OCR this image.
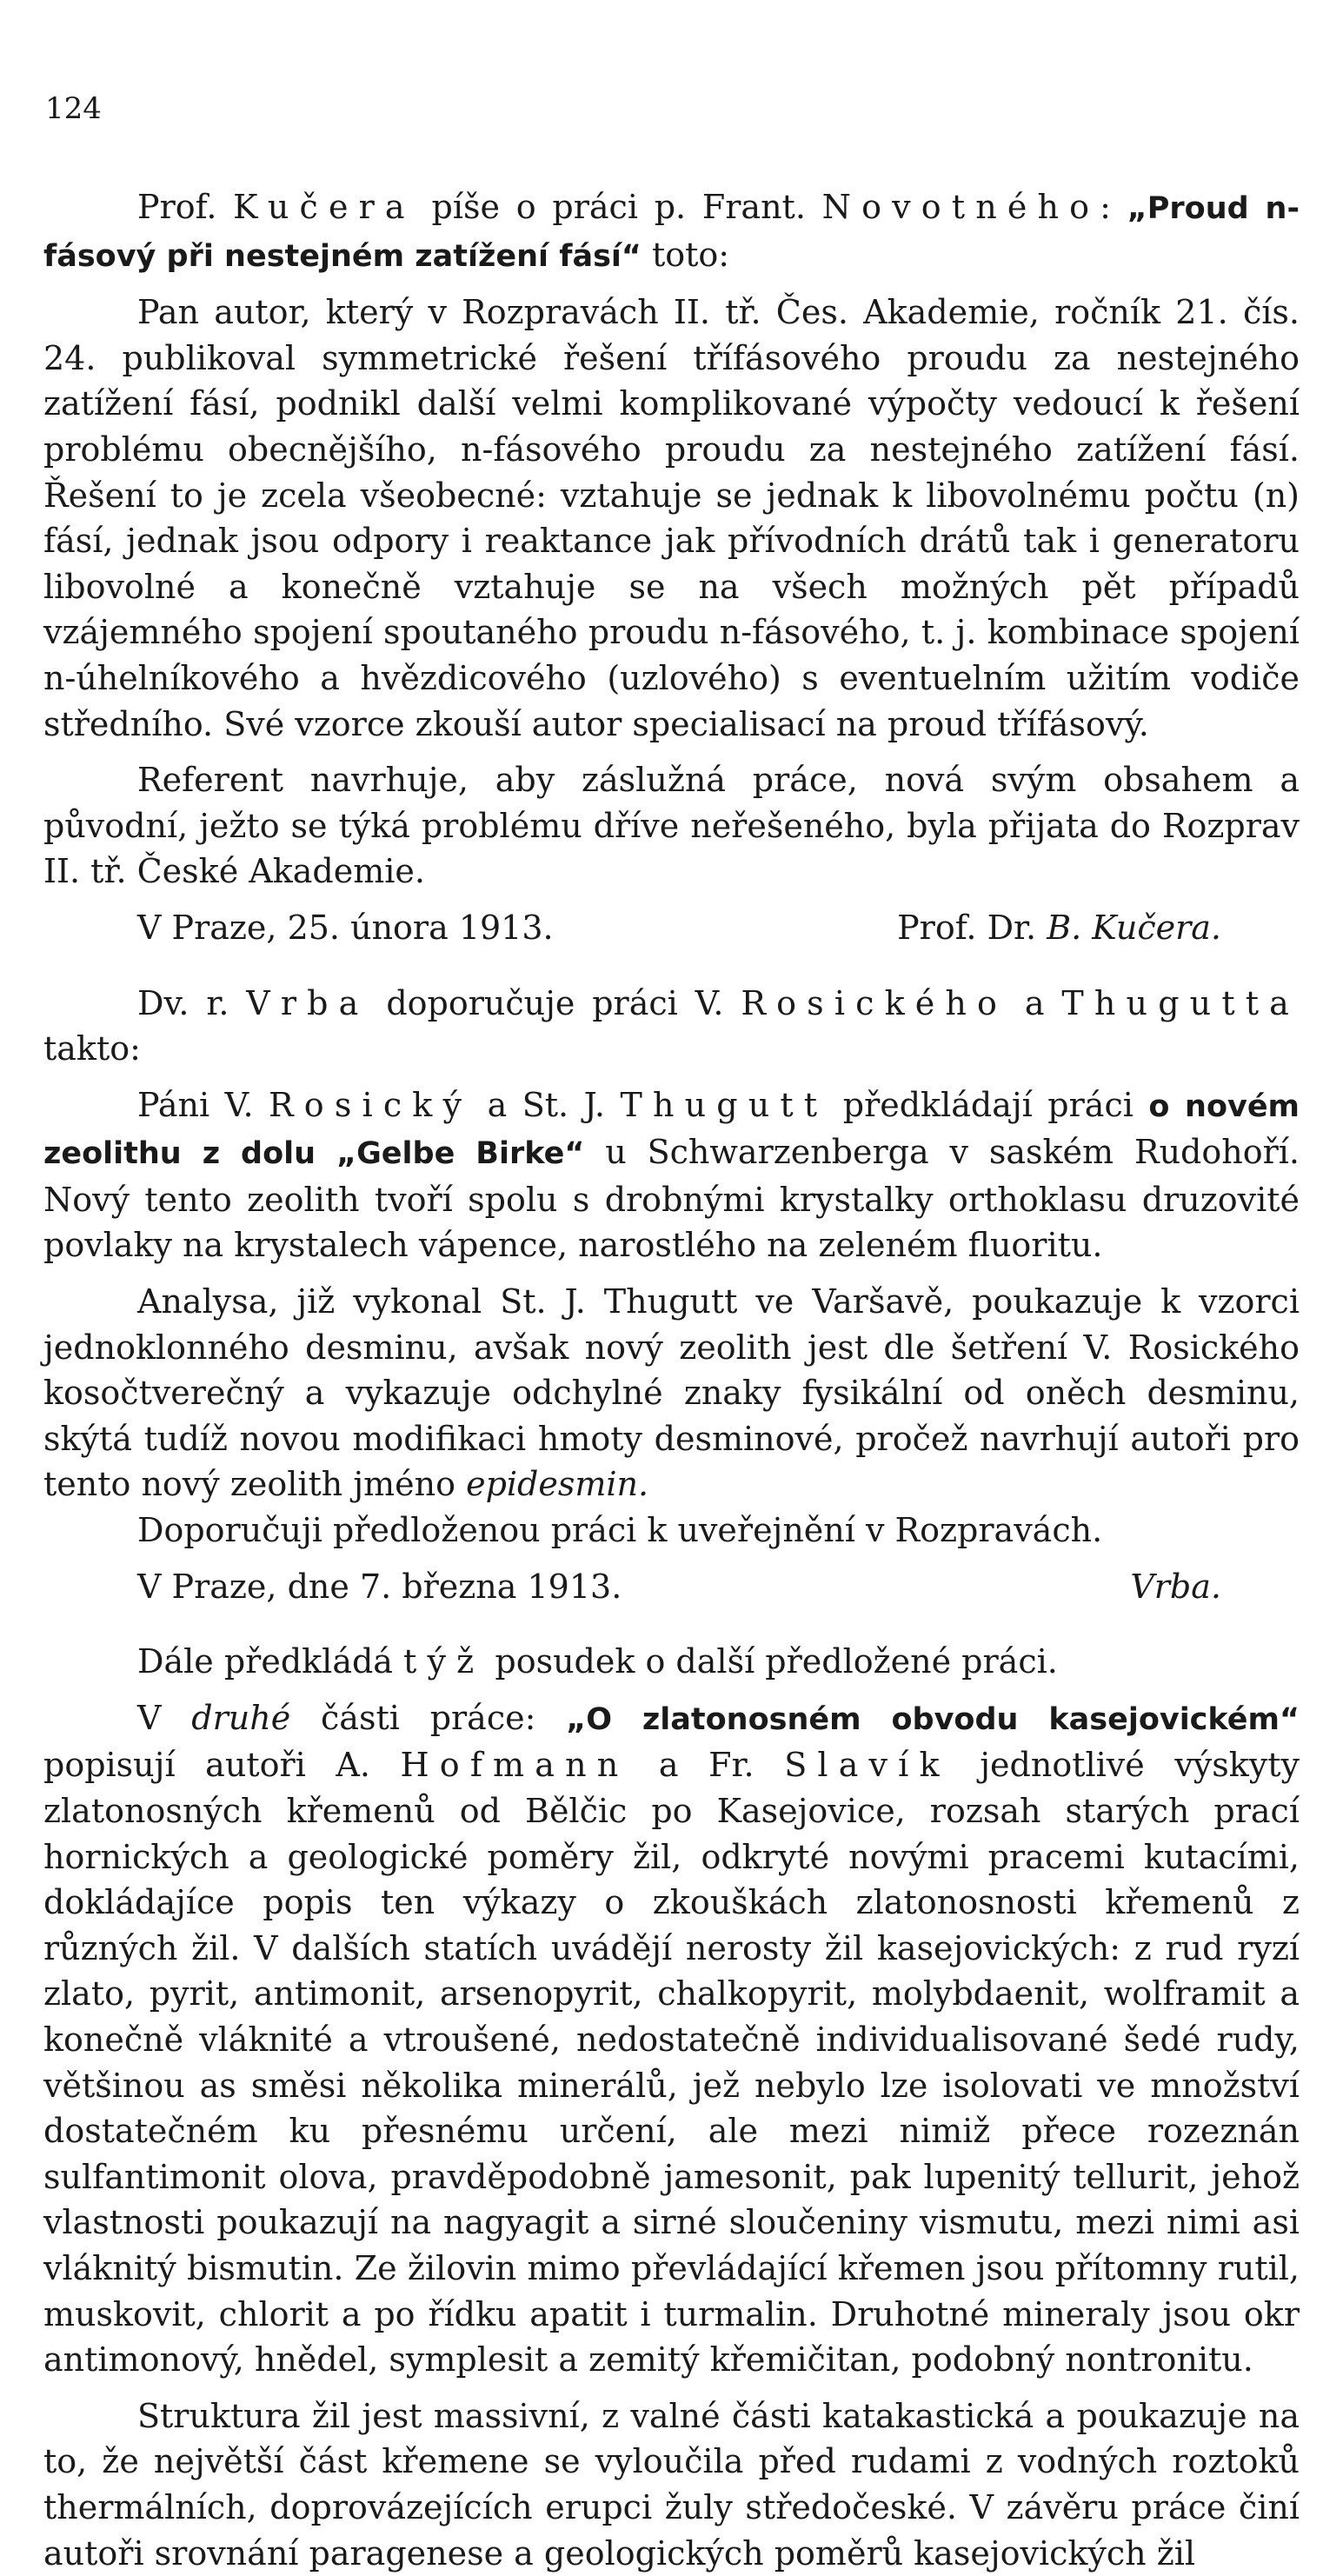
124

Prof. Kučera píše o práci p. Frant. Novotného: „Proud n-fásový při nestejném zatížení fásí“ toto:

Pan autor, který v Rozpravách II. tř. Čes. Akademie, ročník 21. čís. 24. publikoval symmetrické řešení třífásového proudu za nestejného zatížení fásí, podnikl další velmi komplikované výpočty vedoucí k řešení problému obecnějšího, n-fásového proudu za nestejného zatížení fásí. Řešení to je zcela všeobecné: vztahuje se jednak k libovolnému počtu (n) fásí, jednak jsou odpory i reaktance jak přívodních drátů tak i generatoru libovolné a konečně vztahuje se na všech možných pět případů vzájemného spojení spoutaného proudu n-fásového, t. j. kombinace spojení n-úhelníkového a hvězdicového (uzlového) s eventuelním užitím vodiče středního. Své vzorce zkouší autor specialisací na proud třífásový.

Referent navrhuje, aby záslužná práce, nová svým obsahem a původní, ježto se týká problému dříve neřešeného, byla přijata do Rozprav II. tř. České Akademie.

V Praze, 25. února 1913.	Prof. Dr. B. Kučera.

Dv. r. Vrba doporučuje práci V. Rosického a Thugutta takto:

Páni V. Rosický a St. J. Thugutt předkládají práci o novém zeolithu z dolu „Gelbe Birke“ u Schwarzenberga v saském Rudohoří. Nový tento zeolith tvoří spolu s drobnými krystalky orthoklasu druzovité povlaky na krystalech vápence, narostlého na zeleném fluoritu.

Analysa, již vykonal St. J. Thugutt ve Varšavě, poukazuje k vzorci jednoklonného desminu, avšak nový zeolith jest dle šetření V. Rosického kosočtverečný a vykazuje odchylné znaky fysikální od oněch desminu, skýtá tudíž novou modifikaci hmoty desminové, pročež navrhují autoři pro tento nový zeolith jméno epidesmin.

Doporučuji předloženou práci k uveřejnění v Rozpravách.

V Praze, dne 7. března 1913.	Vrba.

Dále předkládá týž posudek o další předložené práci.

V druhé části práce: „O zlatonosném obvodu kasejovickém“ popisují autoři A. Hofmann a Fr. Slavík jednotlivé výskyty zlatonosných křemenů od Bělčic po Kasejovice, rozsah starých prací hornických a geologické poměry žil, odkryté novými pracemi kutacími, dokládajíce popis ten výkazy o zkouškách zlatonosnosti křemenů z různých žil. V dalších statích uvádějí nerosty žil kasejovických: z rud ryzí zlato, pyrit, antimonit, arsenopyrit, chalkopyrit, molybdaenit, wolframit a konečně vláknité a vtroušené, nedostatečně individualisované šedé rudy, většinou as směsi několika minerálů, jež nebylo lze isolovati ve množství dostatečném ku přesnému určení, ale mezi nimiž přece rozeznán sulfantimonit olova, pravděpodobně jamesonit, pak lupenitý tellurit, jehož vlastnosti poukazují na nagyagit a sirné sloučeniny vismutu, mezi nimi asi vláknitý bismutin. Ze žilovin mimo převládající křemen jsou přítomny rutil, muskovit, chlorit a po řídku apatit i turmalin. Druhotné mineraly jsou okr antimonový, hnědel, symplesit a zemitý křemičitan, podobný nontronitu.

Struktura žil jest massivní, z valné části katakastická a poukazuje na to, že největší část křemene se vyloučila před rudami z vodných roztoků thermálních, doprovázejících erupci žuly středočeské. V závěru práce činí autoři srovnání paragenese a geologických poměrů kasejovických žil
